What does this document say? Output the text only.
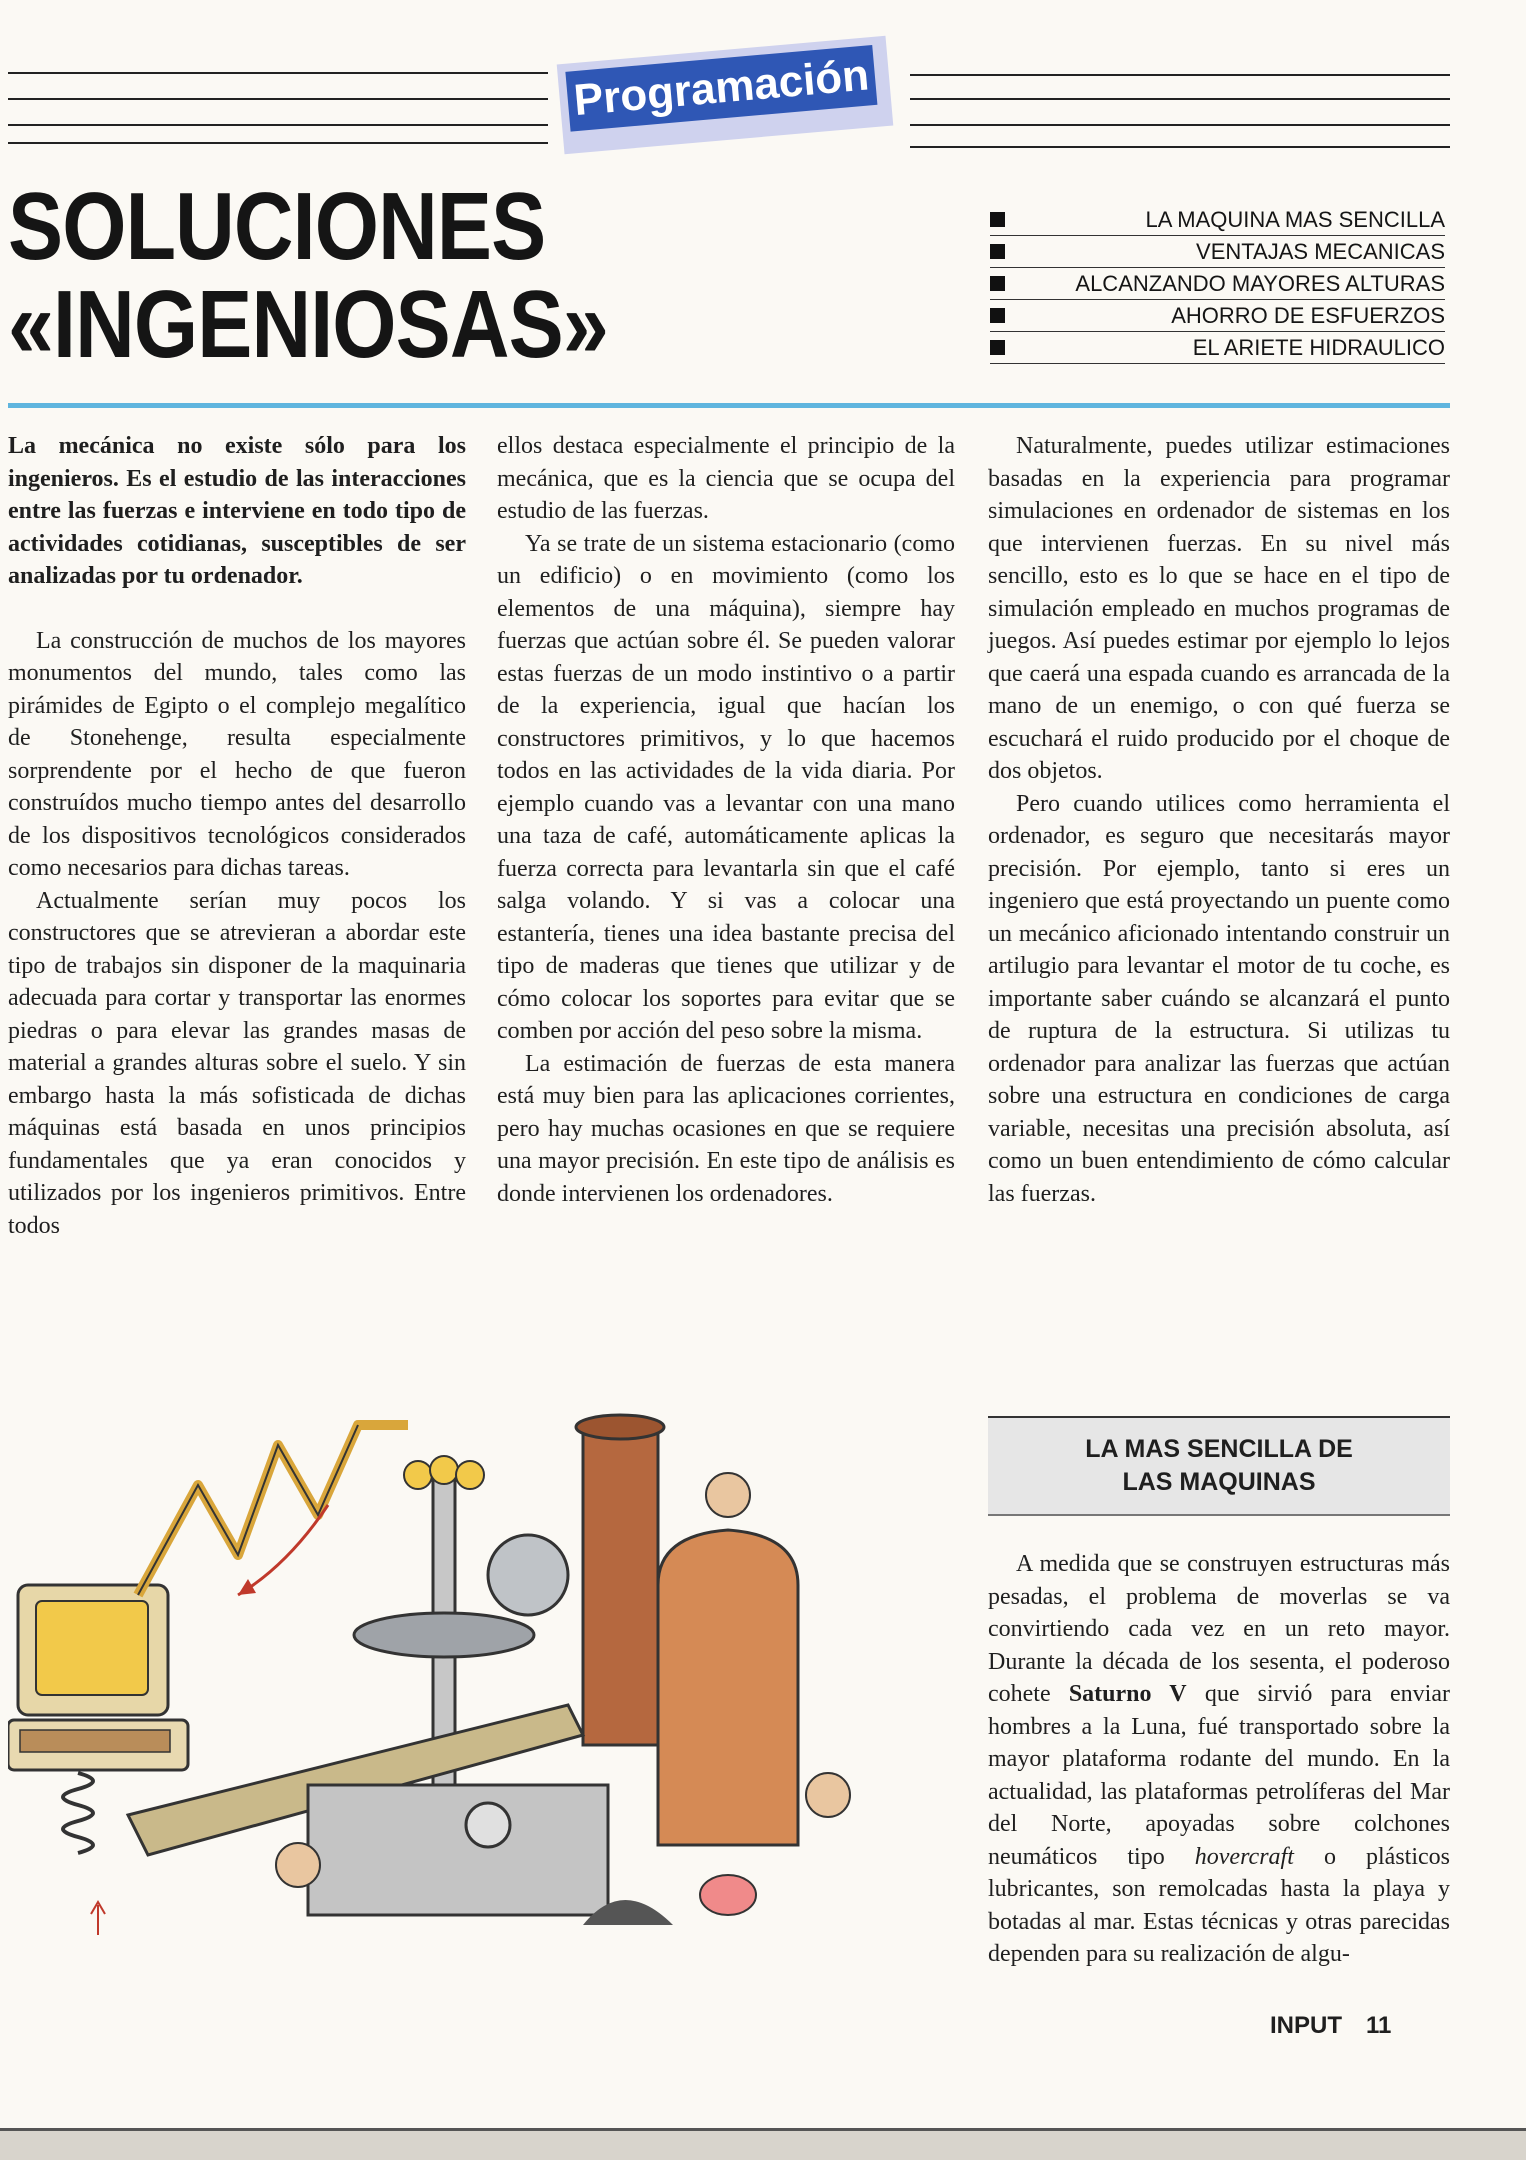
Programación
SOLUCIONES
«INGENIOSAS»
LA MAQUINA MAS SENCILLA
VENTAJAS MECANICAS
ALCANZANDO MAYORES ALTURAS
AHORRO DE ESFUERZOS
EL ARIETE HIDRAULICO

La mecánica no existe sólo para los ingenieros. Es el estudio de las interacciones entre las fuerzas e interviene en todo tipo de actividades cotidianas, susceptibles de ser analizadas por tu ordenador.

La construcción de muchos de los mayores monumentos del mundo, tales como las pirámides de Egipto o el complejo megalítico de Stonehenge, resulta especialmente sorprendente por el hecho de que fueron construídos mucho tiempo antes del desarrollo de los dispositivos tecnológicos considerados como necesarios para dichas tareas.

Actualmente serían muy pocos los constructores que se atrevieran a abordar este tipo de trabajos sin disponer de la maquinaria adecuada para cortar y transportar las enormes piedras o para elevar las grandes masas de material a grandes alturas sobre el suelo. Y sin embargo hasta la más sofisticada de dichas máquinas está basada en unos principios fundamentales que ya eran conocidos y utilizados por los ingenieros primitivos. Entre todos

ellos destaca especialmente el principio de la mecánica, que es la ciencia que se ocupa del estudio de las fuerzas.

Ya se trate de un sistema estacionario (como un edificio) o en movimiento (como los elementos de una máquina), siempre hay fuerzas que actúan sobre él. Se pueden valorar estas fuerzas de un modo instintivo o a partir de la experiencia, igual que hacían los constructores primitivos, y lo que hacemos todos en las actividades de la vida diaria. Por ejemplo cuando vas a levantar con una mano una taza de café, automáticamente aplicas la fuerza correcta para levantarla sin que el café salga volando. Y si vas a colocar una estantería, tienes una idea bastante precisa del tipo de maderas que tienes que utilizar y de cómo colocar los soportes para evitar que se comben por acción del peso sobre la misma.

La estimación de fuerzas de esta manera está muy bien para las aplicaciones corrientes, pero hay muchas ocasiones en que se requiere una mayor precisión. En este tipo de análisis es donde intervienen los ordenadores.

Naturalmente, puedes utilizar estimaciones basadas en la experiencia para programar simulaciones en ordenador de sistemas en los que intervienen fuerzas. En su nivel más sencillo, esto es lo que se hace en el tipo de simulación empleado en muchos programas de juegos. Así puedes estimar por ejemplo lo lejos que caerá una espada cuando es arrancada de la mano de un enemigo, o con qué fuerza se escuchará el ruido producido por el choque de dos objetos.

Pero cuando utilices como herramienta el ordenador, es seguro que necesitarás mayor precisión. Por ejemplo, tanto si eres un ingeniero que está proyectando un puente como un mecánico aficionado intentando construir un artilugio para levantar el motor de tu coche, es importante saber cuándo se alcanzará el punto de ruptura de la estructura. Si utilizas tu ordenador para analizar las fuerzas que actúan sobre una estructura en condiciones de carga variable, necesitas una precisión absoluta, así como un buen entendimiento de cómo calcular las fuerzas.

LA MAS SENCILLA DE LAS MAQUINAS

A medida que se construyen estructuras más pesadas, el problema de moverlas se va convirtiendo cada vez en un reto mayor. Durante la década de los sesenta, el poderoso cohete Saturno V que sirvió para enviar hombres a la Luna, fué transportado sobre la mayor plataforma rodante del mundo. En la actualidad, las plataformas petrolíferas del Mar del Norte, apoyadas sobre colchones neumáticos tipo hovercraft o plásticos lubricantes, son remolcadas hasta la playa y botadas al mar. Estas técnicas y otras parecidas dependen para su realización de algu-

INPUT 11
